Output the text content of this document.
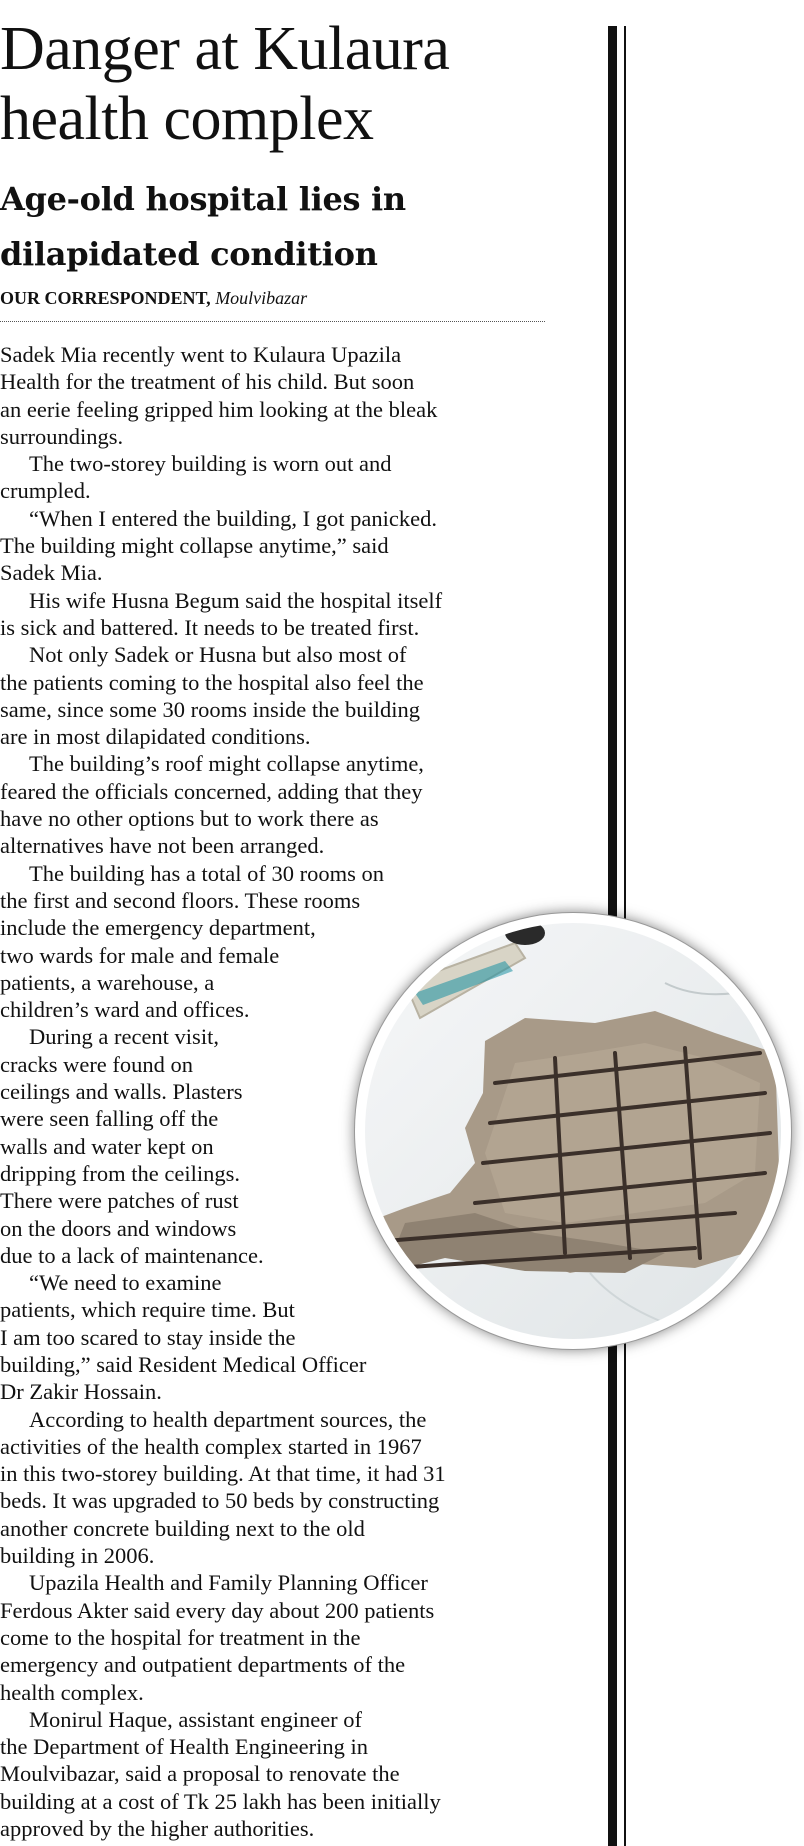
Danger at Kulaura
health complex
Age-old hospital lies in
dilapidated condition
OUR CORRESPONDENT, Moulvibazar
Sadek Mia recently went to Kulaura Upazila
Health for the treatment of his child. But soon
an eerie feeling gripped him looking at the bleak
surroundings.
The two-storey building is worn out and
crumpled.
“When I entered the building, I got panicked.
The building might collapse anytime,” said
Sadek Mia.
His wife Husna Begum said the hospital itself
is sick and battered. It needs to be treated first.
Not only Sadek or Husna but also most of
the patients coming to the hospital also feel the
same, since some 30 rooms inside the building
are in most dilapidated conditions.
The building’s roof might collapse anytime,
feared the officials concerned, adding that they
have no other options but to work there as
alternatives have not been arranged.
The building has a total of 30 rooms on
the first and second floors. These rooms
include the emergency department,
two wards for male and female
patients, a warehouse, a
children’s ward and offices.
During a recent visit,
cracks were found on
ceilings and walls. Plasters
were seen falling off the
walls and water kept on
dripping from the ceilings.
There were patches of rust
on the doors and windows
due to a lack of maintenance.
“We need to examine
patients, which require time. But
I am too scared to stay inside the
building,” said Resident Medical Officer
Dr Zakir Hossain.
According to health department sources, the
activities of the health complex started in 1967
in this two-storey building. At that time, it had 31
beds. It was upgraded to 50 beds by constructing
another concrete building next to the old
building in 2006.
Upazila Health and Family Planning Officer
Ferdous Akter said every day about 200 patients
come to the hospital for treatment in the
emergency and outpatient departments of the
health complex.
Monirul Haque, assistant engineer of
the Department of Health Engineering in
Moulvibazar, said a proposal to renovate the
building at a cost of Tk 25 lakh has been initially
approved by the higher authorities.
